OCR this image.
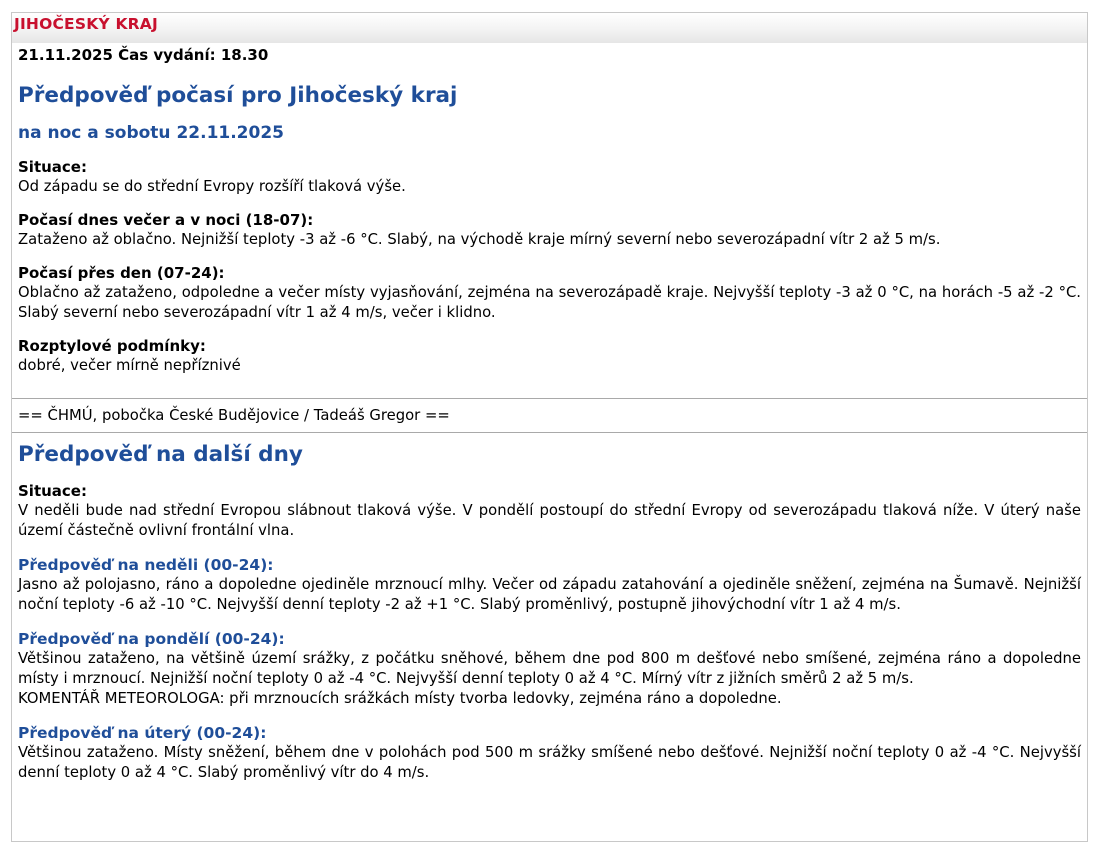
JIHOČESKÝ KRAJ
21.11.2025 Čas vydání: 18.30
Předpověď počasí pro Jihočeský kraj
na noc a sobotu 22.11.2025
Situace:
Od západu se do střední Evropy rozšíří tlaková výše.
Počasí dnes večer a v noci (18-07):
Zataženo až oblačno. Nejnižší teploty -3 až -6 °C. Slabý, na východě kraje mírný severní nebo severozápadní vítr 2 až 5 m/s.
Počasí přes den (07-24):
Oblačno až zataženo, odpoledne a večer místy vyjasňování, zejména na severozápadě kraje. Nejvyšší teploty -3 až 0 °C, na horách -5 až -2 °C. Slabý severní nebo severozápadní vítr 1 až 4 m/s, večer i klidno.
Rozptylové podmínky:
dobré, večer mírně nepříznivé
== ČHMÚ, pobočka České Budějovice / Tadeáš Gregor ==
Předpověď na další dny
Situace:
V neděli bude nad střední Evropou slábnout tlaková výše. V pondělí postoupí do střední Evropy od severozápadu tlaková níže. V úterý naše území částečně ovlivní frontální vlna.
Předpověď na neděli (00-24):
Jasno až polojasno, ráno a dopoledne ojediněle mrznoucí mlhy. Večer od západu zatahování a ojediněle sněžení, zejména na Šumavě. Nejnižší noční teploty -6 až -10 °C. Nejvyšší denní teploty -2 až +1 °C. Slabý proměnlivý, postupně jihovýchodní vítr 1 až 4 m/s.
Předpověď na pondělí (00-24):
Většinou zataženo, na většině území srážky, z počátku sněhové, během dne pod 800 m dešťové nebo smíšené, zejména ráno a dopoledne místy i mrznoucí. Nejnižší noční teploty 0 až -4 °C. Nejvyšší denní teploty 0 až 4 °C. Mírný vítr z jižních směrů 2 až 5 m/s.
KOMENTÁŘ METEOROLOGA: při mrznoucích srážkách místy tvorba ledovky, zejména ráno a dopoledne.
Předpověď na úterý (00-24):
Většinou zataženo. Místy sněžení, během dne v polohách pod 500 m srážky smíšené nebo dešťové. Nejnižší noční teploty 0 až -4 °C. Nejvyšší denní teploty 0 až 4 °C. Slabý proměnlivý vítr do 4 m/s.
